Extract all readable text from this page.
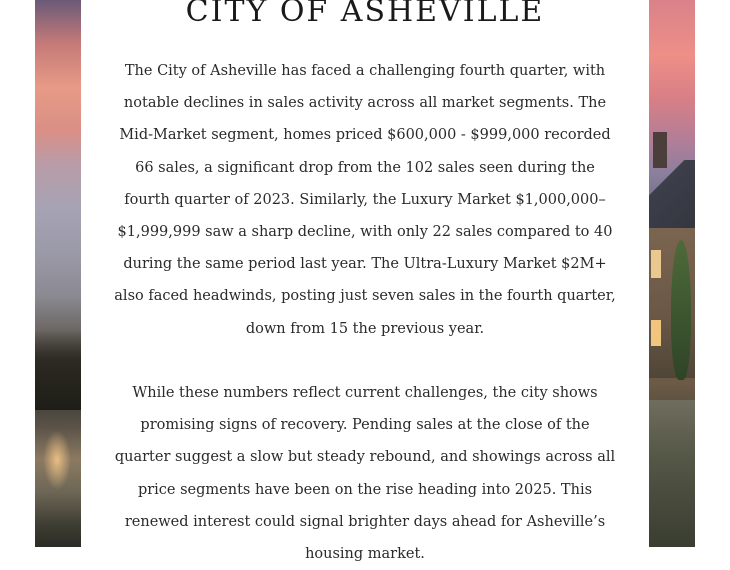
CITY OF ASHEVILLE

The City of Asheville has faced a challenging fourth quarter, with notable declines in sales activity across all market segments. The Mid-Market segment, homes priced $600,000 - $999,000 recorded 66 sales, a significant drop from the 102 sales seen during the fourth quarter of 2023. Similarly, the Luxury Market $1,000,000–$1,999,999 saw a sharp decline, with only 22 sales compared to 40 during the same period last year. The Ultra-Luxury Market $2M+ also faced headwinds, posting just seven sales in the fourth quarter, down from 15 the previous year.

While these numbers reflect current challenges, the city shows promising signs of recovery. Pending sales at the close of the quarter suggest a slow but steady rebound, and showings across all price segments have been on the rise heading into 2025. This renewed interest could signal brighter days ahead for Asheville’s housing market.
